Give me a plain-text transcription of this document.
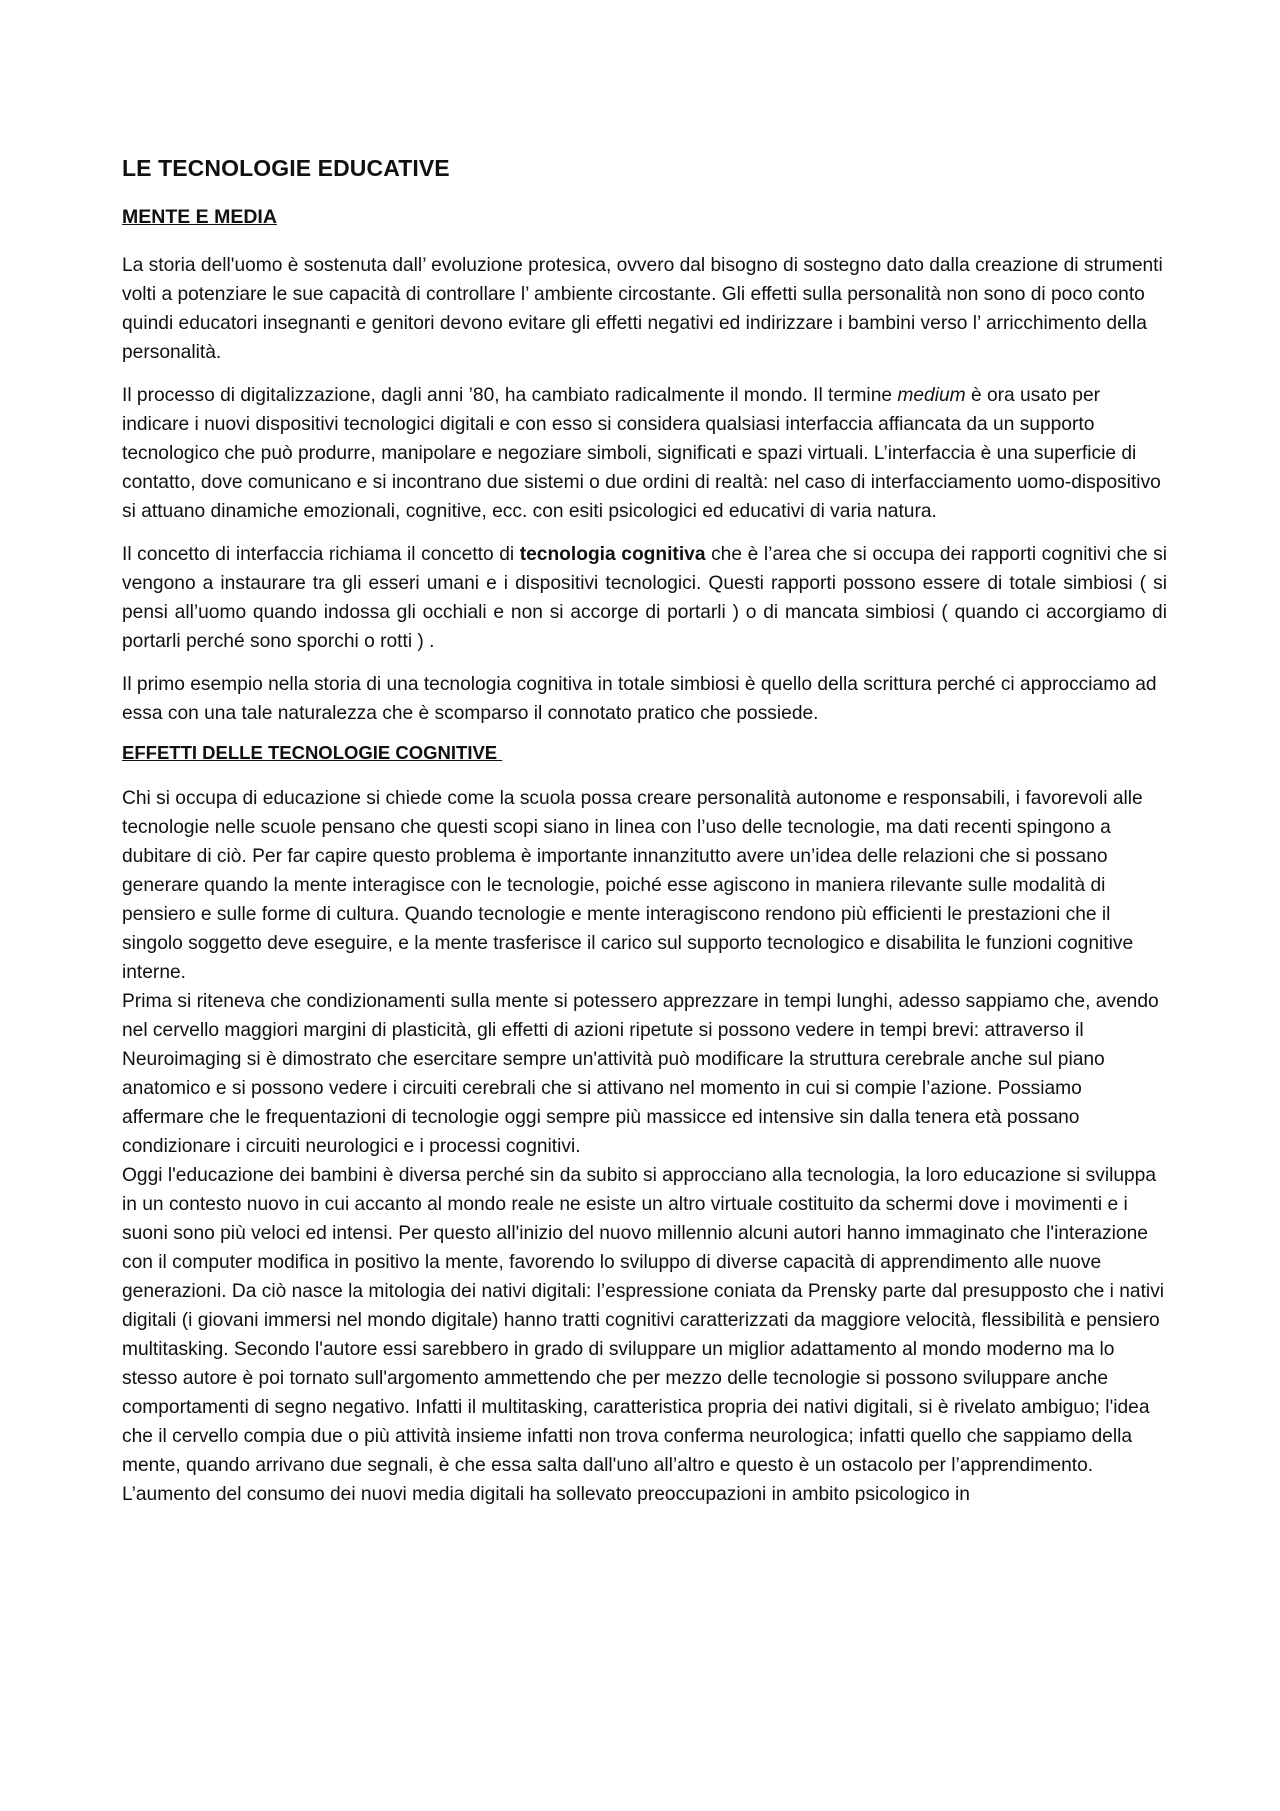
LE TECNOLOGIE EDUCATIVE
MENTE E MEDIA

La storia dell'uomo è sostenuta dall’ evoluzione protesica, ovvero dal bisogno di sostegno dato dalla creazione di strumenti volti a potenziare le sue capacità di controllare l’ ambiente circostante. Gli effetti sulla personalità non sono di poco conto quindi educatori insegnanti e genitori devono evitare gli effetti negativi ed indirizzare i bambini verso l’ arricchimento della personalità.

Il processo di digitalizzazione, dagli anni ’80, ha cambiato radicalmente il mondo. Il termine medium è ora usato per indicare i nuovi dispositivi tecnologici digitali e con esso si considera qualsiasi interfaccia affiancata da un supporto tecnologico che può produrre, manipolare e negoziare simboli, significati e spazi virtuali. L’interfaccia è una superficie di contatto, dove comunicano e si incontrano due sistemi o due ordini di realtà: nel caso di interfacciamento uomo-dispositivo si attuano dinamiche emozionali, cognitive, ecc. con esiti psicologici ed educativi di varia natura.

Il concetto di interfaccia richiama il concetto di tecnologia cognitiva che è l’area che si occupa dei rapporti cognitivi che si vengono a instaurare tra gli esseri umani e i dispositivi tecnologici. Questi rapporti possono essere di totale simbiosi ( si pensi all’uomo quando indossa gli occhiali e non si accorge di portarli ) o di mancata simbiosi ( quando ci accorgiamo di portarli perché sono sporchi o rotti ) .

Il primo esempio nella storia di una tecnologia cognitiva in totale simbiosi è quello della scrittura perché ci approcciamo ad essa con una tale naturalezza che è scomparso il connotato pratico che possiede.

EFFETTI DELLE TECNOLOGIE COGNITIVE

Chi si occupa di educazione si chiede come la scuola possa creare personalità autonome e responsabili, i favorevoli alle tecnologie nelle scuole pensano che questi scopi siano in linea con l’uso delle tecnologie, ma dati recenti spingono a dubitare di ciò. Per far capire questo problema è importante innanzitutto avere un’idea delle relazioni che si possano generare quando la mente interagisce con le tecnologie, poiché esse agiscono in maniera rilevante sulle modalità di pensiero e sulle forme di cultura. Quando tecnologie e mente interagiscono rendono più efficienti le prestazioni che il singolo soggetto deve eseguire, e la mente trasferisce il carico sul supporto tecnologico e disabilita le funzioni cognitive interne.

Prima si riteneva che condizionamenti sulla mente si potessero apprezzare in tempi lunghi, adesso sappiamo che, avendo nel cervello maggiori margini di plasticità, gli effetti di azioni ripetute si possono vedere in tempi brevi: attraverso il Neuroimaging si è dimostrato che esercitare sempre un'attività può modificare la struttura cerebrale anche sul piano anatomico e si possono vedere i circuiti cerebrali che si attivano nel momento in cui si compie l’azione. Possiamo affermare che le frequentazioni di tecnologie oggi sempre più massicce ed intensive sin dalla tenera età possano condizionare i circuiti neurologici e i processi cognitivi.

Oggi l'educazione dei bambini è diversa perché sin da subito si approcciano alla tecnologia, la loro educazione si sviluppa in un contesto nuovo in cui accanto al mondo reale ne esiste un altro virtuale costituito da schermi dove i movimenti e i suoni sono più veloci ed intensi. Per questo all'inizio del nuovo millennio alcuni autori hanno immaginato che l'interazione con il computer modifica in positivo la mente, favorendo lo sviluppo di diverse capacità di apprendimento alle nuove generazioni. Da ciò nasce la mitologia dei nativi digitali: l’espressione coniata da Prensky parte dal presupposto che i nativi digitali (i giovani immersi nel mondo digitale) hanno tratti cognitivi caratterizzati da maggiore velocità, flessibilità e pensiero multitasking. Secondo l'autore essi sarebbero in grado di sviluppare un miglior adattamento al mondo moderno ma lo stesso autore è poi tornato sull'argomento ammettendo che per mezzo delle tecnologie si possono sviluppare anche comportamenti di segno negativo. Infatti il multitasking, caratteristica propria dei nativi digitali, si è rivelato ambiguo; l'idea che il cervello compia due o più attività insieme infatti non trova conferma neurologica; infatti quello che sappiamo della mente, quando arrivano due segnali, è che essa salta dall'uno all’altro e questo è un ostacolo per l’apprendimento.

L’aumento del consumo dei nuovi media digitali ha sollevato preoccupazioni in ambito psicologico in
